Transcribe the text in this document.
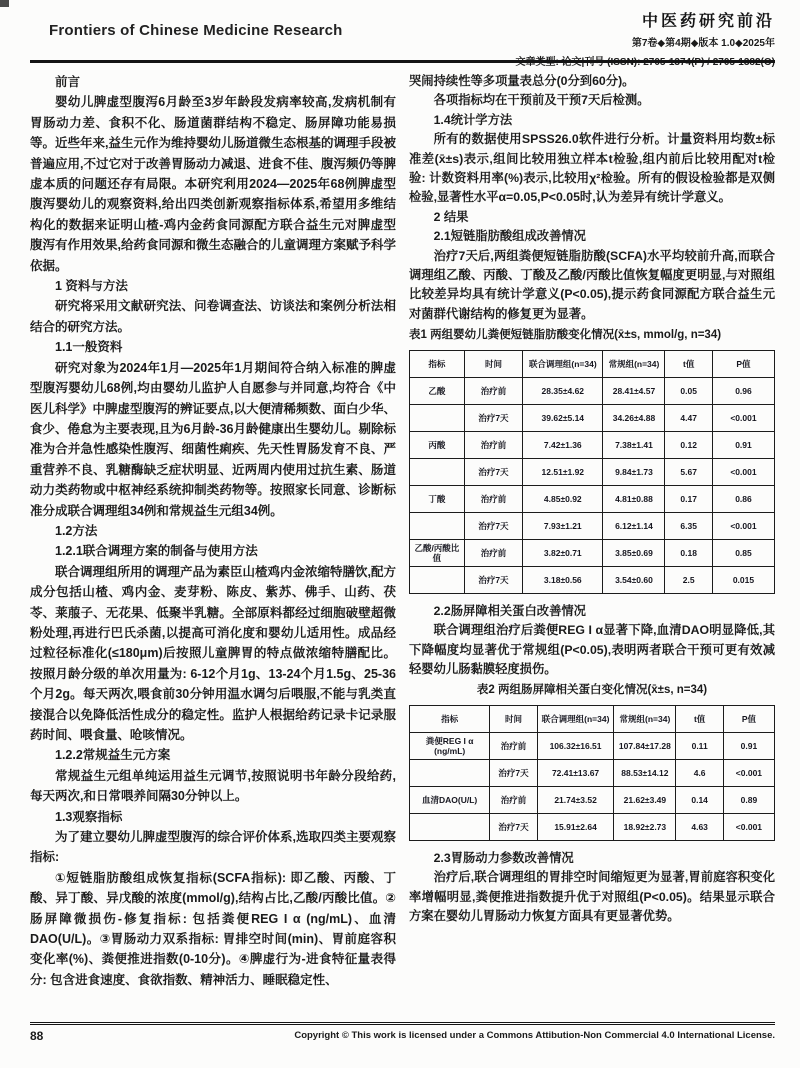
Frontiers of Chinese Medicine Research
中医药研究前沿
第7卷◆第4期◆版本 1.0◆2025年
文章类型: 论文|刊号 (ISSN): 2705-1374(P) / 2705-1382(O)

前言

婴幼儿脾虚型腹泻6月龄至3岁年龄段发病率较高,发病机制有胃肠动力差、食积不化、肠道菌群结构不稳定、肠屏障功能易损等。近些年来,益生元作为维持婴幼儿肠道微生态根基的调理手段被普遍应用,不过它对于改善胃肠动力减退、进食不佳、腹泻频仍等脾虚本质的问题还存有局限。本研究利用2024—2025年68例脾虚型腹泻婴幼儿的观察资料,给出四类创新观察指标体系,希望用多维结构化的数据来证明山楂-鸡内金药食同源配方联合益生元对脾虚型腹泻有作用效果,给药食同源和微生态融合的儿童调理方案赋予科学依据。

1 资料与方法

研究将采用文献研究法、问卷调查法、访谈法和案例分析法相结合的研究方法。

1.1一般资料

研究对象为2024年1月—2025年1月期间符合纳入标准的脾虚型腹泻婴幼儿68例,均由婴幼儿监护人自愿参与并同意,均符合《中医儿科学》中脾虚型腹泻的辨证要点,以大便清稀频数、面白少华、食少、倦怠为主要表现,且为6月龄-36月龄健康出生婴幼儿。剔除标准为合并急性感染性腹泻、细菌性痢疾、先天性胃肠发育不良、严重营养不良、乳糖酶缺乏症状明显、近两周内使用过抗生素、肠道动力类药物或中枢神经系统抑制类药物等。按照家长同意、诊断标准分成联合调理组34例和常规益生元组34例。

1.2方法

1.2.1联合调理方案的制备与使用方法

联合调理组所用的调理产品为素臣山楂鸡内金浓缩特膳饮,配方成分包括山楂、鸡内金、麦芽粉、陈皮、紫苏、佛手、山药、茯苓、莱菔子、无花果、低聚半乳糖。全部原料都经过细胞破壁超微粉处理,再进行巴氏杀菌,以提高可消化度和婴幼儿适用性。成品经过粒径标准化(≤180μm)后按照儿童脾胃的特点做浓缩特膳配比。按照月龄分级的单次用量为: 6-12个月1g、13-24个月1.5g、25-36个月2g。每天两次,喂食前30分钟用温水调匀后喂服,不能与乳类直接混合以免降低活性成分的稳定性。监护人根据给药记录卡记录服药时间、喂食量、呛咳情况。

1.2.2常规益生元方案

常规益生元组单纯运用益生元调节,按照说明书年龄分段给药,每天两次,和日常喂养间隔30分钟以上。

1.3观察指标

为了建立婴幼儿脾虚型腹泻的综合评价体系,选取四类主要观察指标:

①短链脂肪酸组成恢复指标(SCFA指标): 即乙酸、丙酸、丁酸、异丁酸、异戊酸的浓度(mmol/g),结构占比,乙酸/丙酸比值。②肠屏障微损伤-修复指标: 包括粪便REG I α (ng/mL)、血清DAO(U/L)。③胃肠动力双系指标: 胃排空时间(min)、胃前庭容积变化率(%)、粪便推进指数(0-10分)。④脾虚行为-进食特征量表得分: 包含进食速度、食欲指数、精神活力、睡眠稳定性、

哭闹持续性等多项量表总分(0分到60分)。

各项指标均在干预前及干预7天后检测。

1.4统计学方法

所有的数据使用SPSS26.0软件进行分析。计量资料用均数±标准差(x̄±s)表示,组间比较用独立样本t检验,组内前后比较用配对t检验: 计数资料用率(%)表示,比较用χ²检验。所有的假设检验都是双侧检验,显著性水平α=0.05,P<0.05时,认为差异有统计学意义。

2 结果

2.1短链脂肪酸组成改善情况

治疗7天后,两组粪便短链脂肪酸(SCFA)水平均较前升高,而联合调理组乙酸、丙酸、丁酸及乙酸/丙酸比值恢复幅度更明显,与对照组比较差异均具有统计学意义(P<0.05),提示药食同源配方联合益生元对菌群代谢结构的修复更为显著。

表1 两组婴幼儿粪便短链脂肪酸变化情况(x̄±s, mmol/g, n=34)

指标	时间	联合调理组(n=34)	常规组(n=34)	t值	P值
乙酸	治疗前	28.35±4.62	28.41±4.57	0.05	0.96
	治疗7天	39.62±5.14	34.26±4.88	4.47	<0.001
丙酸	治疗前	7.42±1.36	7.38±1.41	0.12	0.91
	治疗7天	12.51±1.92	9.84±1.73	5.67	<0.001
丁酸	治疗前	4.85±0.92	4.81±0.88	0.17	0.86
	治疗7天	7.93±1.21	6.12±1.14	6.35	<0.001
乙酸/丙酸比值	治疗前	3.82±0.71	3.85±0.69	0.18	0.85
	治疗7天	3.18±0.56	3.54±0.60	2.5	0.015

2.2肠屏障相关蛋白改善情况

联合调理组治疗后粪便REG I α显著下降,血清DAO明显降低,其下降幅度均显著优于常规组(P<0.05),表明两者联合干预可更有效减轻婴幼儿肠黏膜轻度损伤。

表2 两组肠屏障相关蛋白变化情况(x̄±s, n=34)

指标	时间	联合调理组(n=34)	常规组(n=34)	t值	P值
粪便REG I α (ng/mL)	治疗前	106.32±16.51	107.84±17.28	0.11	0.91
	治疗7天	72.41±13.67	88.53±14.12	4.6	<0.001
血清DAO(U/L)	治疗前	21.74±3.52	21.62±3.49	0.14	0.89
	治疗7天	15.91±2.64	18.92±2.73	4.63	<0.001

2.3胃肠动力参数改善情况

治疗后,联合调理组的胃排空时间缩短更为显著,胃前庭容积变化率增幅明显,粪便推进指数提升优于对照组(P<0.05)。结果显示联合方案在婴幼儿胃肠动力恢复方面具有更显著优势。

88	Copyright © This work is licensed under a Commons Attibution-Non Commercial 4.0 International License.
